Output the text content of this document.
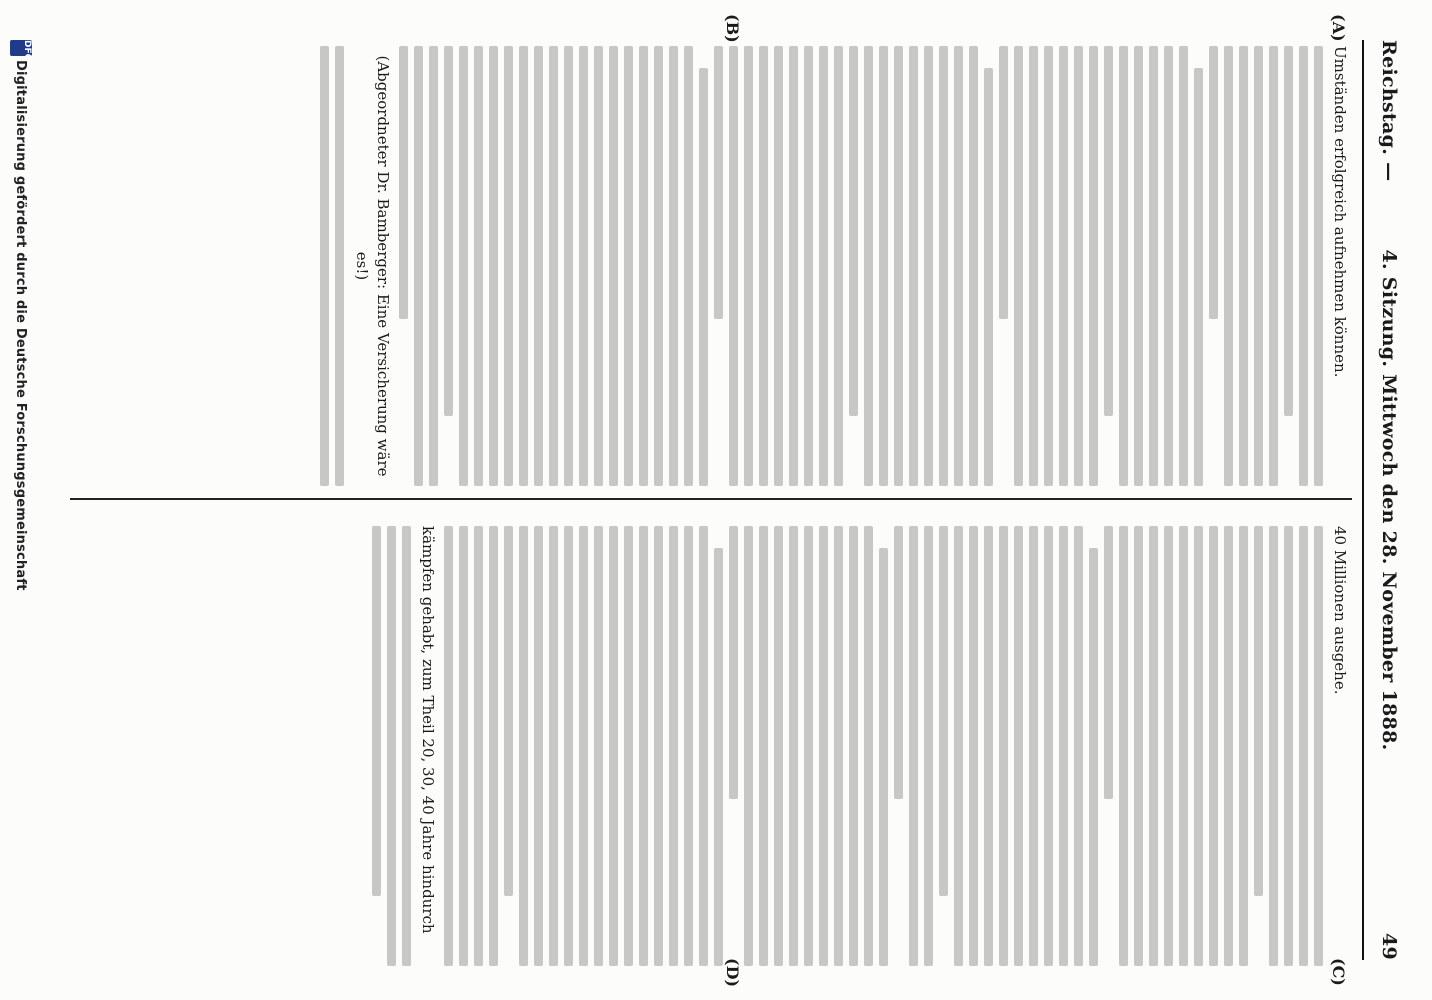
Reichstag. —
4. Sitzung. Mittwoch den 28. November 1888.
49
(A)
(B)
(C)
(D)
Umständen erfolgreich aufnehmen können.
(Abgeordneter Dr. Bamberger: Eine Versicherung wäre es!)
40 Millionen ausgehe.
kämpfen gehabt, zum Theil 20, 30, 40 Jahre hindurch
DFG
Digitalisierung gefördert durch die Deutsche Forschungsgemeinschaft
